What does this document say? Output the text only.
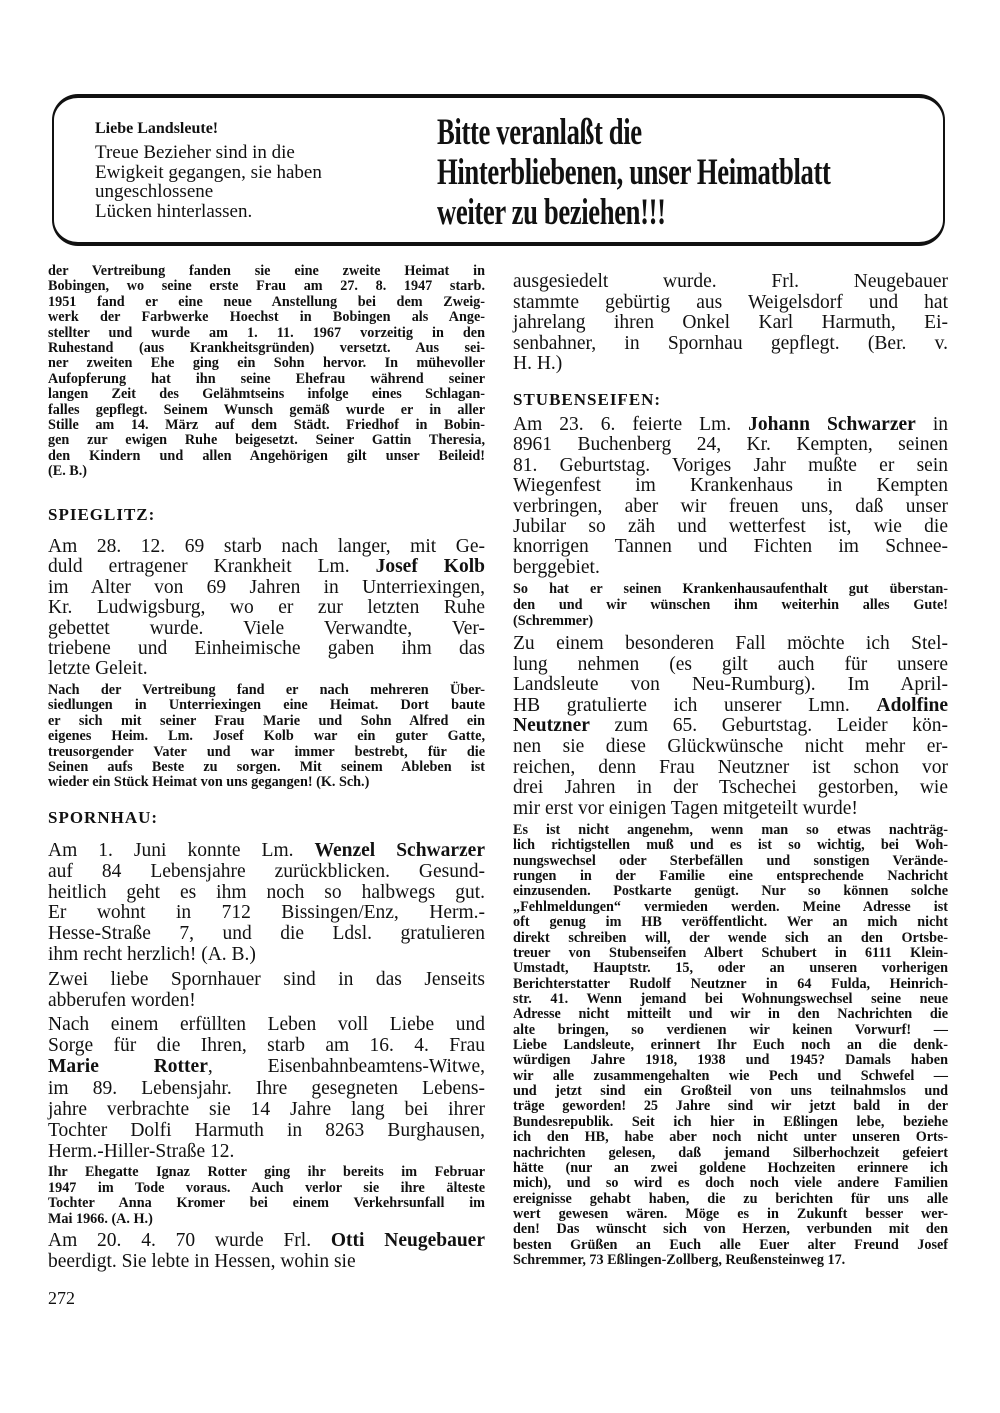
Liebe Landsleute!
Treue Bezieher sind in die
Ewigkeit gegangen, sie haben
ungeschlossene
Lücken hinterlassen.
Bitte veranlaßt die
Hinterbliebenen, unser Heimatblatt
weiter zu beziehen!!!
der Vertreibung fanden sie eine zweite Heimat in
Bobingen, wo seine erste Frau am 27. 8. 1947 starb.
1951 fand er eine neue Anstellung bei dem Zweig-
werk der Farbwerke Hoechst in Bobingen als Ange-
stellter und wurde am 1. 11. 1967 vorzeitig in den
Ruhestand (aus Krankheitsgründen) versetzt. Aus sei-
ner zweiten Ehe ging ein Sohn hervor. In mühevoller
Aufopferung hat ihn seine Ehefrau während seiner
langen Zeit des Gelähmtseins infolge eines Schlagan-
falles gepflegt. Seinem Wunsch gemäß wurde er in aller
Stille am 14. März auf dem Städt. Friedhof in Bobin-
gen zur ewigen Ruhe beigesetzt. Seiner Gattin Theresia,
den Kindern und allen Angehörigen gilt unser Beileid!
(E. B.)
SPIEGLITZ:
Am 28. 12. 69 starb nach langer, mit Ge-
duld ertragener Krankheit Lm. Josef Kolb
im Alter von 69 Jahren in Unterriexingen,
Kr. Ludwigsburg, wo er zur letzten Ruhe
gebettet wurde. Viele Verwandte, Ver-
triebene und Einheimische gaben ihm das
letzte Geleit.
Nach der Vertreibung fand er nach mehreren Über-
siedlungen in Unterriexingen eine Heimat. Dort baute
er sich mit seiner Frau Marie und Sohn Alfred ein
eigenes Heim. Lm. Josef Kolb war ein guter Gatte,
treusorgender Vater und war immer bestrebt, für die
Seinen aufs Beste zu sorgen. Mit seinem Ableben ist
wieder ein Stück Heimat von uns gegangen! (K. Sch.)
SPORNHAU:
Am 1. Juni konnte Lm. Wenzel Schwarzer
auf 84 Lebensjahre zurückblicken. Gesund-
heitlich geht es ihm noch so halbwegs gut.
Er wohnt in 712 Bissingen/Enz, Herm.-
Hesse-Straße 7, und die Ldsl. gratulieren
ihm recht herzlich! (A. B.)
Zwei liebe Spornhauer sind in das Jenseits
abberufen worden!
Nach einem erfüllten Leben voll Liebe und
Sorge für die Ihren, starb am 16. 4. Frau
Marie Rotter, Eisenbahnbeamtens-Witwe,
im 89. Lebensjahr. Ihre gesegneten Lebens-
jahre verbrachte sie 14 Jahre lang bei ihrer
Tochter Dolfi Harmuth in 8263 Burghausen,
Herm.-Hiller-Straße 12.
Ihr Ehegatte Ignaz Rotter ging ihr bereits im Februar
1947 im Tode voraus. Auch verlor sie ihre älteste
Tochter Anna Kromer bei einem Verkehrsunfall im
Mai 1966. (A. H.)
Am 20. 4. 70 wurde Frl. Otti Neugebauer
beerdigt. Sie lebte in Hessen, wohin sie
272
ausgesiedelt wurde. Frl. Neugebauer
stammte gebürtig aus Weigelsdorf und hat
jahrelang ihren Onkel Karl Harmuth, Ei-
senbahner, in Spornhau gepflegt. (Ber. v.
H. H.)
STUBENSEIFEN:
Am 23. 6. feierte Lm. Johann Schwarzer in
8961 Buchenberg 24, Kr. Kempten, seinen
81. Geburtstag. Voriges Jahr mußte er sein
Wiegenfest im Krankenhaus in Kempten
verbringen, aber wir freuen uns, daß unser
Jubilar so zäh und wetterfest ist, wie die
knorrigen Tannen und Fichten im Schnee-
berggebiet.
So hat er seinen Krankenhausaufenthalt gut überstan-
den und wir wünschen ihm weiterhin alles Gute!
(Schremmer)
Zu einem besonderen Fall möchte ich Stel-
lung nehmen (es gilt auch für unsere
Landsleute von Neu-Rumburg). Im April-
HB gratulierte ich unserer Lmn. Adolfine
Neutzner zum 65. Geburtstag. Leider kön-
nen sie diese Glückwünsche nicht mehr er-
reichen, denn Frau Neutzner ist schon vor
drei Jahren in der Tschechei gestorben, wie
mir erst vor einigen Tagen mitgeteilt wurde!
Es ist nicht angenehm, wenn man so etwas nachträg-
lich richtigstellen muß und es ist so wichtig, bei Woh-
nungswechsel oder Sterbefällen und sonstigen Verände-
rungen in der Familie eine entsprechende Nachricht
einzusenden. Postkarte genügt. Nur so können solche
„Fehlmeldungen“ vermieden werden. Meine Adresse ist
oft genug im HB veröffentlicht. Wer an mich nicht
direkt schreiben will, der wende sich an den Ortsbe-
treuer von Stubenseifen Albert Schubert in 6111 Klein-
Umstadt, Hauptstr. 15, oder an unseren vorherigen
Berichterstatter Rudolf Neutzner in 64 Fulda, Heinrich-
str. 41. Wenn jemand bei Wohnungswechsel seine neue
Adresse nicht mitteilt und wir in den Nachrichten die
alte bringen, so verdienen wir keinen Vorwurf! —
Liebe Landsleute, erinnert Ihr Euch noch an die denk-
würdigen Jahre 1918, 1938 und 1945? Damals haben
wir alle zusammengehalten wie Pech und Schwefel —
und jetzt sind ein Großteil von uns teilnahmslos und
träge geworden! 25 Jahre sind wir jetzt bald in der
Bundesrepublik. Seit ich hier in Eßlingen lebe, beziehe
ich den HB, habe aber noch nicht unter unseren Orts-
nachrichten gelesen, daß jemand Silberhochzeit gefeiert
hätte (nur an zwei goldene Hochzeiten erinnere ich
mich), und so wird es doch noch viele andere Familien
ereignisse gehabt haben, die zu berichten für uns alle
wert gewesen wären. Möge es in Zukunft besser wer-
den! Das wünscht sich von Herzen, verbunden mit den
besten Grüßen an Euch alle Euer alter Freund Josef
Schremmer, 73 Eßlingen-Zollberg, Reußensteinweg 17.
